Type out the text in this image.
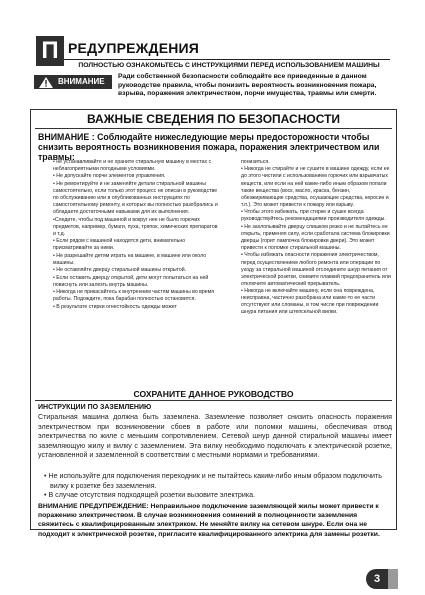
П РЕДУПРЕЖДЕНИЯ
ПОЛНОСТЬЮ ОЗНАКОМЬТЕСЬ С ИНСТРУКЦИЯМИ ПЕРЕД ИСПОЛЬЗОВАНИЕМ МАШИНЫ
ВНИМАНИЕ
Ради собственной безопасности соблюдайте все приведенные в данном руководстве правила, чтобы понизить вероятность возникновения пожара, взрыва, поражения электричеством, порчи имущества, травмы или смерти.
ВАЖНЫЕ СВЕДЕНИЯ ПО БЕЗОПАСНОСТИ
ВНИМАНИЕ : Соблюдайте нижеследующие меры предосторожности чтобы снизить вероятность возникновения пожара, поражения электричеством или травмы:

• не устанавливайте и не храните стиральную машину в местах с неблагоприятными погодными условиями.

• Не допускайте порчи элементов управления.

• Не ремонтируйте и не заменяйте детали стиральной машины самостоятельно, если только этот процесс не описан в руководстве по обслуживанию или в опубликованных инструкциях по самостоятельному ремонту, в которых вы полностью разобрались и обладаете достаточными навыками для их выполнения.

•Следите, чтобы под машиной и вокруг нее не было горючих предметов, например, бумаги, пуха, тряпок, химических препаратов и т.д.

• Если рядом с машиной находятся дети, внимательно присматривайте за ними.

• Не разрешайте детям играть на машине, в машине или около машины.

• Не оставляйте дверцу стиральной машины открытой.

• Если оставить дверцу открытой, дети могут попытаться на ней повиснуть или залезть внутрь машины.

• Никогда не прикасайтесь к внутренним частям машины во время работы. Подождите, пока барабан полностью остановится.

• В результате стирки огнестойкость одежды может

понизиться.

• Никогда не стирайте и не сушите в машине одежду, если ее до этого чистили с использованием горючих или взрывчатых веществ, или если на ней какие-либо иным образом попали такие вещества (воск, масло, краска, бензин, обезжиривающие средства, осушающие средства, керосин и т.п.). Это может привести к пожару или взрыву.

• Чтобы этого избежать, при стирке и сушке всегда руководствуйтесь рекомендациями производителя одежды.

• Не захлопывайте дверцу слишком резко и не пытайтесь ее открыть, применяя силу, если сработала система блокировки дверцы (горит лампочка блокировки двери). Это может привести к поломке стиральной машины.

• Чтобы избежать опасности поражения электричеством, перед осуществлением любого ремонта или операции по уходу за стиральной машиной отсоедините шнур питания от электрической розетки, снимите плавкий предохранитель или отключите автоматический прерыватель.

• Никогда не включайте машину, если она повреждена, неисправна, частично разобрана или какие-то ее части отсутствуют или сломаны, в том числе при повреждении шнура питания или штепсельной вилки.

СОХРАНИТЕ ДАННОЕ РУКОВОДСТВО
ИНСТРУКЦИИ ПО ЗАЗЕМЛЕНИЮ
Стиральная машина должна быть заземлена. Заземление позволяет снизить опасность поражения электричеством при возникновении сбоев в работе или поломки машины, обеспечивая отвод электричества по жиле с меньшим сопротивлением. Сетевой шнур данной стиральной машины имеет заземляющую жилу и вилку с заземлением. Эта вилку необходимо подключать к электрической розетке, установленной и заземленной в соответствии с местными нормами и требованиями.

• Не используйте для подключения переходник и не пытайтесь каким-либо иным образом подключить вилку к розетке без заземления.

• В случае отсутствия подходящей розетки вызовите электрика.

ВНИМАНИЕ ПРЕДУПРЕЖДЕНИЕ: Неправильное подключение заземляющей жилы может привести к поражению электричеством. В случае возникновения сомнений в полноценности заземления свяжитесь с квалифицированным электриком. Не меняйте вилку на сетевом шнуре. Если она не подходит к электрической розетке, пригласите квалифицированного электрика для замены розетки.
3
